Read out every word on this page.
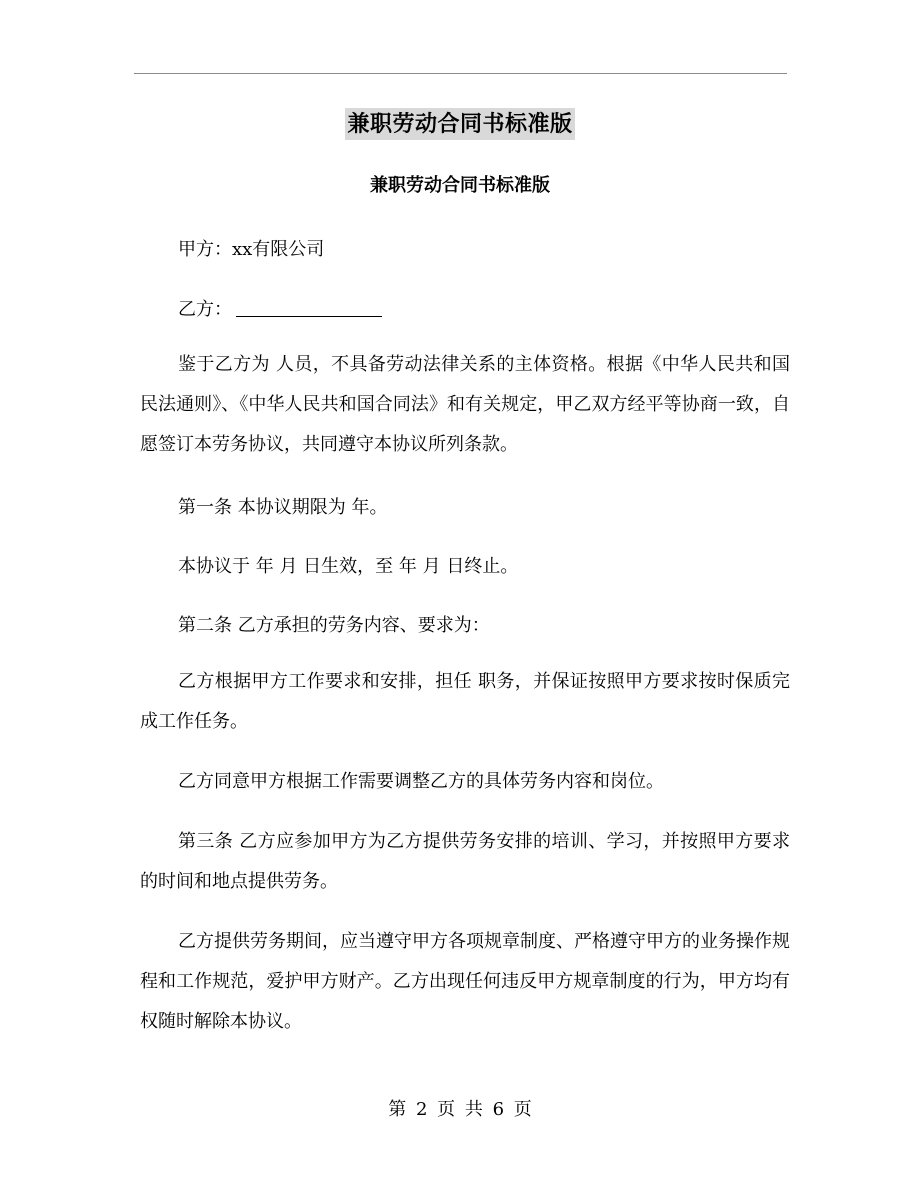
兼职劳动合同书标准版
兼职劳动合同书标准版
甲方：xx有限公司
乙方：
鉴于乙方为 人员，不具备劳动法律关系的主体资格。根据《中华人民共和国民法通则》、《中华人民共和国合同法》和有关规定，甲乙双方经平等协商一致，自愿签订本劳务协议，共同遵守本协议所列条款。
第一条 本协议期限为 年。
本协议于 年 月 日生效，至 年 月 日终止。
第二条 乙方承担的劳务内容、要求为：
乙方根据甲方工作要求和安排，担任 职务，并保证按照甲方要求按时保质完成工作任务。
乙方同意甲方根据工作需要调整乙方的具体劳务内容和岗位。
第三条 乙方应参加甲方为乙方提供劳务安排的培训、学习，并按照甲方要求的时间和地点提供劳务。
乙方提供劳务期间，应当遵守甲方各项规章制度、严格遵守甲方的业务操作规程和工作规范，爱护甲方财产。乙方出现任何违反甲方规章制度的行为，甲方均有权随时解除本协议。
第 2 页 共 6 页
